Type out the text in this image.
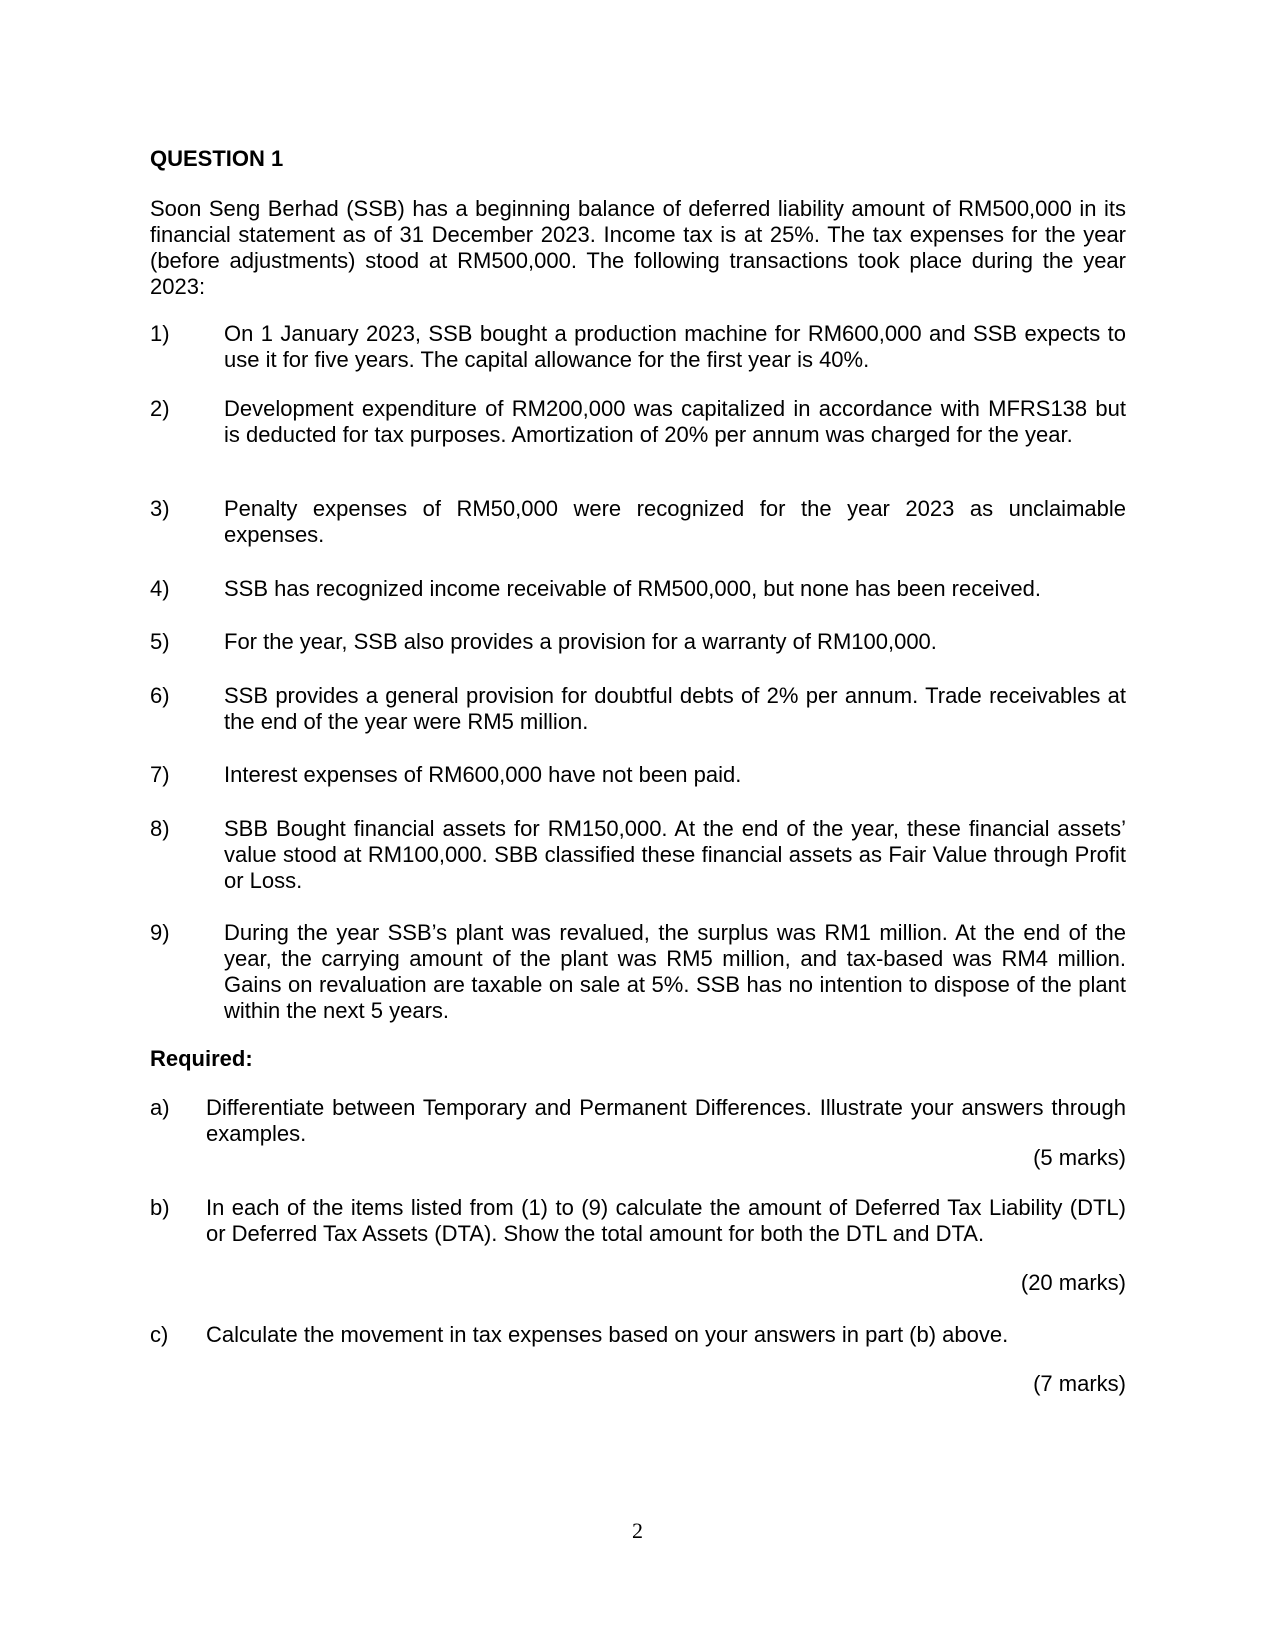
QUESTION 1
Soon Seng Berhad (SSB) has a beginning balance of deferred liability amount of RM500,000 in its financial statement as of 31 December 2023. Income tax is at 25%. The tax expenses for the year (before adjustments) stood at RM500,000. The following transactions took place during the year 2023:
1) On 1 January 2023, SSB bought a production machine for RM600,000 and SSB expects to use it for five years. The capital allowance for the first year is 40%.
2) Development expenditure of RM200,000 was capitalized in accordance with MFRS138 but is deducted for tax purposes. Amortization of 20% per annum was charged for the year.
3) Penalty expenses of RM50,000 were recognized for the year 2023 as unclaimable expenses.
4) SSB has recognized income receivable of RM500,000, but none has been received.
5) For the year, SSB also provides a provision for a warranty of RM100,000.
6) SSB provides a general provision for doubtful debts of 2% per annum. Trade receivables at the end of the year were RM5 million.
7) Interest expenses of RM600,000 have not been paid.
8) SBB Bought financial assets for RM150,000. At the end of the year, these financial assets’ value stood at RM100,000. SBB classified these financial assets as Fair Value through Profit or Loss.
9) During the year SSB’s plant was revalued, the surplus was RM1 million. At the end of the year, the carrying amount of the plant was RM5 million, and tax-based was RM4 million. Gains on revaluation are taxable on sale at 5%. SSB has no intention to dispose of the plant within the next 5 years.
Required:
a) Differentiate between Temporary and Permanent Differences. Illustrate your answers through examples.
(5 marks)
b) In each of the items listed from (1) to (9) calculate the amount of Deferred Tax Liability (DTL) or Deferred Tax Assets (DTA). Show the total amount for both the DTL and DTA.
(20 marks)
c) Calculate the movement in tax expenses based on your answers in part (b) above.
(7 marks)
2
